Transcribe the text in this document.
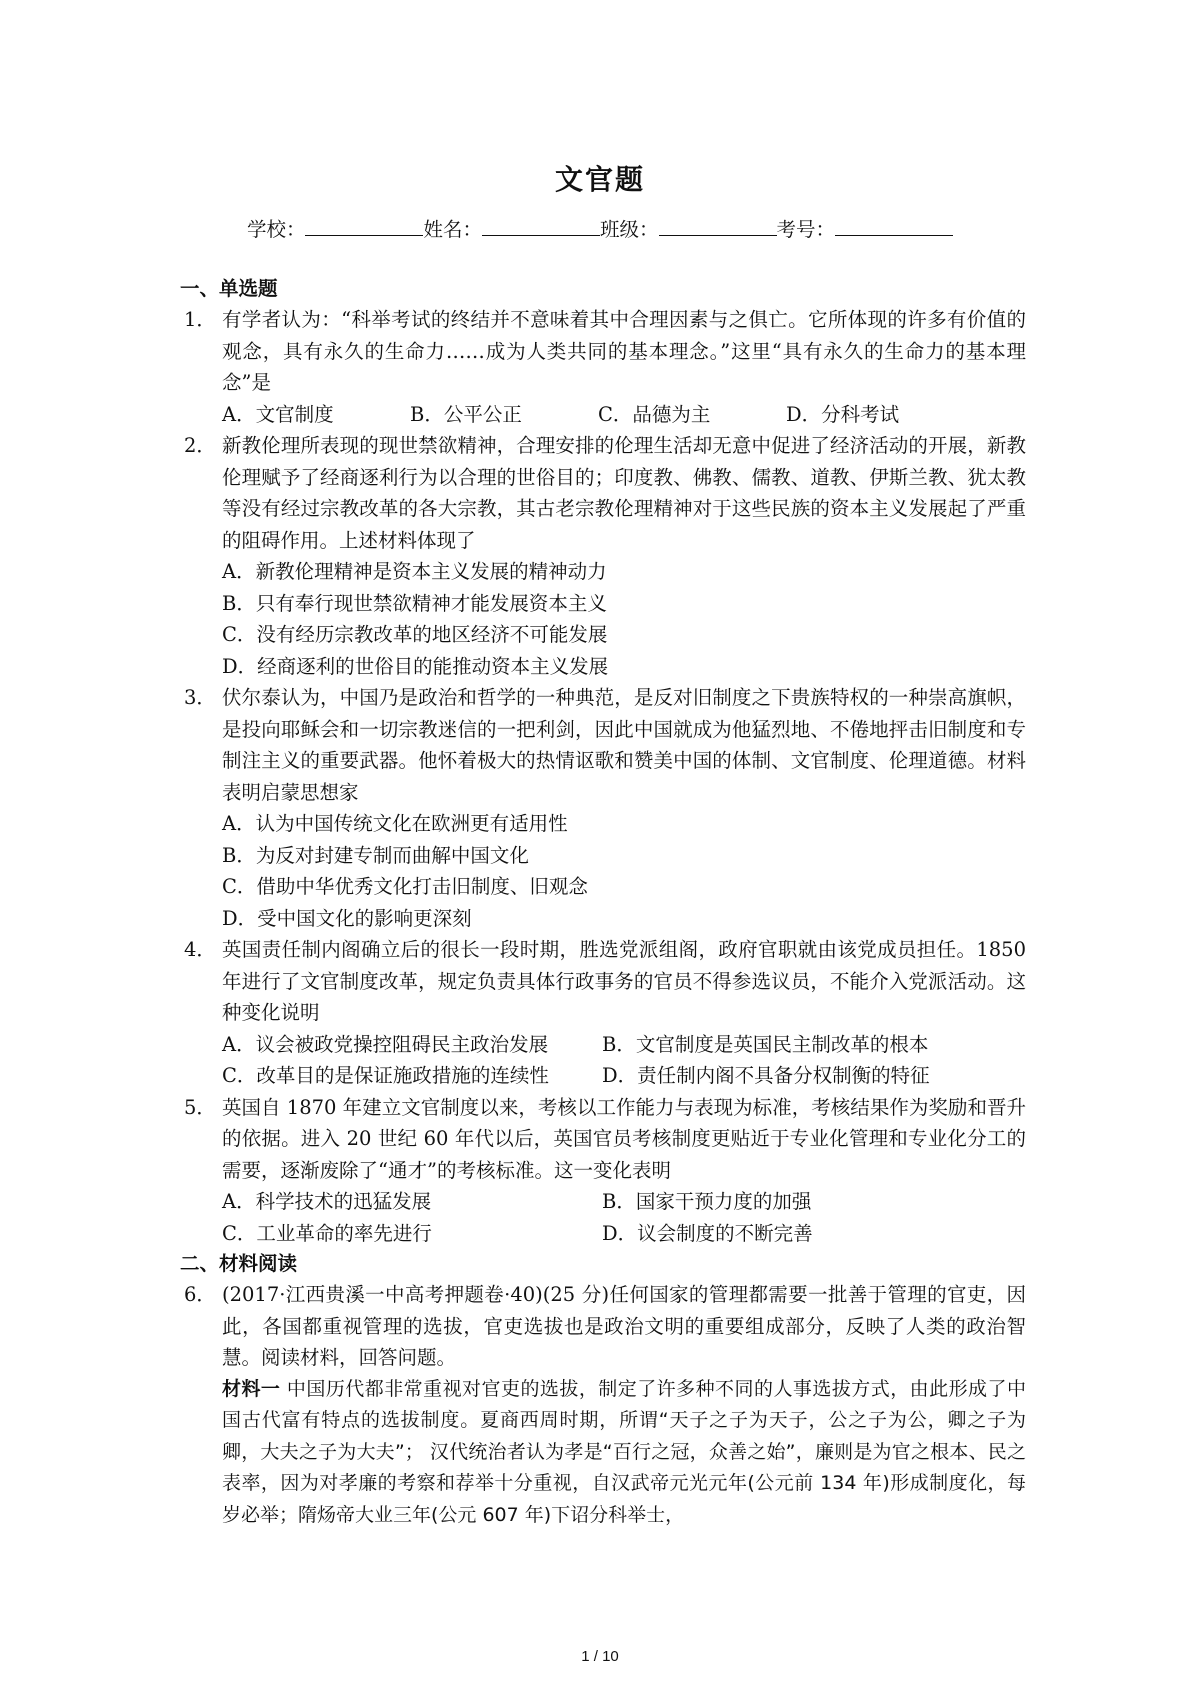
文官题
学校：	姓名：	班级：	考号：
一、单选题
1． 有学者认为：“科举考试的终结并不意味着其中合理因素与之俱亡。它所体现的许多有价值的观念，具有永久的生命力……成为人类共同的基本理念。”这里“具有永久的生命力的基本理念”是
A．文官制度	B．公平公正	C．品德为主	D．分科考试
2． 新教伦理所表现的现世禁欲精神，合理安排的伦理生活却无意中促进了经济活动的开展，新教伦理赋予了经商逐利行为以合理的世俗目的；印度教、佛教、儒教、道教、伊斯兰教、犹太教等没有经过宗教改革的各大宗教，其古老宗教伦理精神对于这些民族的资本主义发展起了严重的阻碍作用。上述材料体现了
A．新教伦理精神是资本主义发展的精神动力
B．只有奉行现世禁欲精神才能发展资本主义
C．没有经历宗教改革的地区经济不可能发展
D．经商逐利的世俗目的能推动资本主义发展
3． 伏尔泰认为，中国乃是政治和哲学的一种典范，是反对旧制度之下贵族特权的一种崇高旗帜，是投向耶稣会和一切宗教迷信的一把利剑，因此中国就成为他猛烈地、不倦地抨击旧制度和专制注主义的重要武器。他怀着极大的热情讴歌和赞美中国的体制、文官制度、伦理道德。材料表明启蒙思想家
A．认为中国传统文化在欧洲更有适用性
B．为反对封建专制而曲解中国文化
C．借助中华优秀文化打击旧制度、旧观念
D．受中国文化的影响更深刻
4． 英国责任制内阁确立后的很长一段时期，胜选党派组阁，政府官职就由该党成员担任。1850 年进行了文官制度改革，规定负责具体行政事务的官员不得参选议员，不能介入党派活动。这种变化说明
A．议会被政党操控阻碍民主政治发展	B．文官制度是英国民主制改革的根本
C．改革目的是保证施政措施的连续性	D．责任制内阁不具备分权制衡的特征
5． 英国自 1870 年建立文官制度以来，考核以工作能力与表现为标准，考核结果作为奖励和晋升的依据。进入 20 世纪 60 年代以后，英国官员考核制度更贴近于专业化管理和专业化分工的需要，逐渐废除了“通才”的考核标准。这一变化表明
A．科学技术的迅猛发展	B．国家干预力度的加强
C．工业革命的率先进行	D．议会制度的不断完善
二、材料阅读
6． (2017·江西贵溪一中高考押题卷·40)(25 分)任何国家的管理都需要一批善于管理的官吏，因此，各国都重视管理的选拔，官吏选拔也是政治文明的重要组成部分，反映了人类的政治智慧。阅读材料，回答问题。
材料一 中国历代都非常重视对官吏的选拔，制定了许多种不同的人事选拔方式，由此形成了中国古代富有特点的选拔制度。夏商西周时期，所谓“天子之子为天子，公之子为公，卿之子为卿，大夫之子为大夫”； 汉代统治者认为孝是“百行之冠，众善之始”，廉则是为官之根本、民之表率，因为对孝廉的考察和荐举十分重视，自汉武帝元光元年(公元前 134 年)形成制度化，每岁必举；隋炀帝大业三年(公元 607 年)下诏分科举士，
1 / 10
